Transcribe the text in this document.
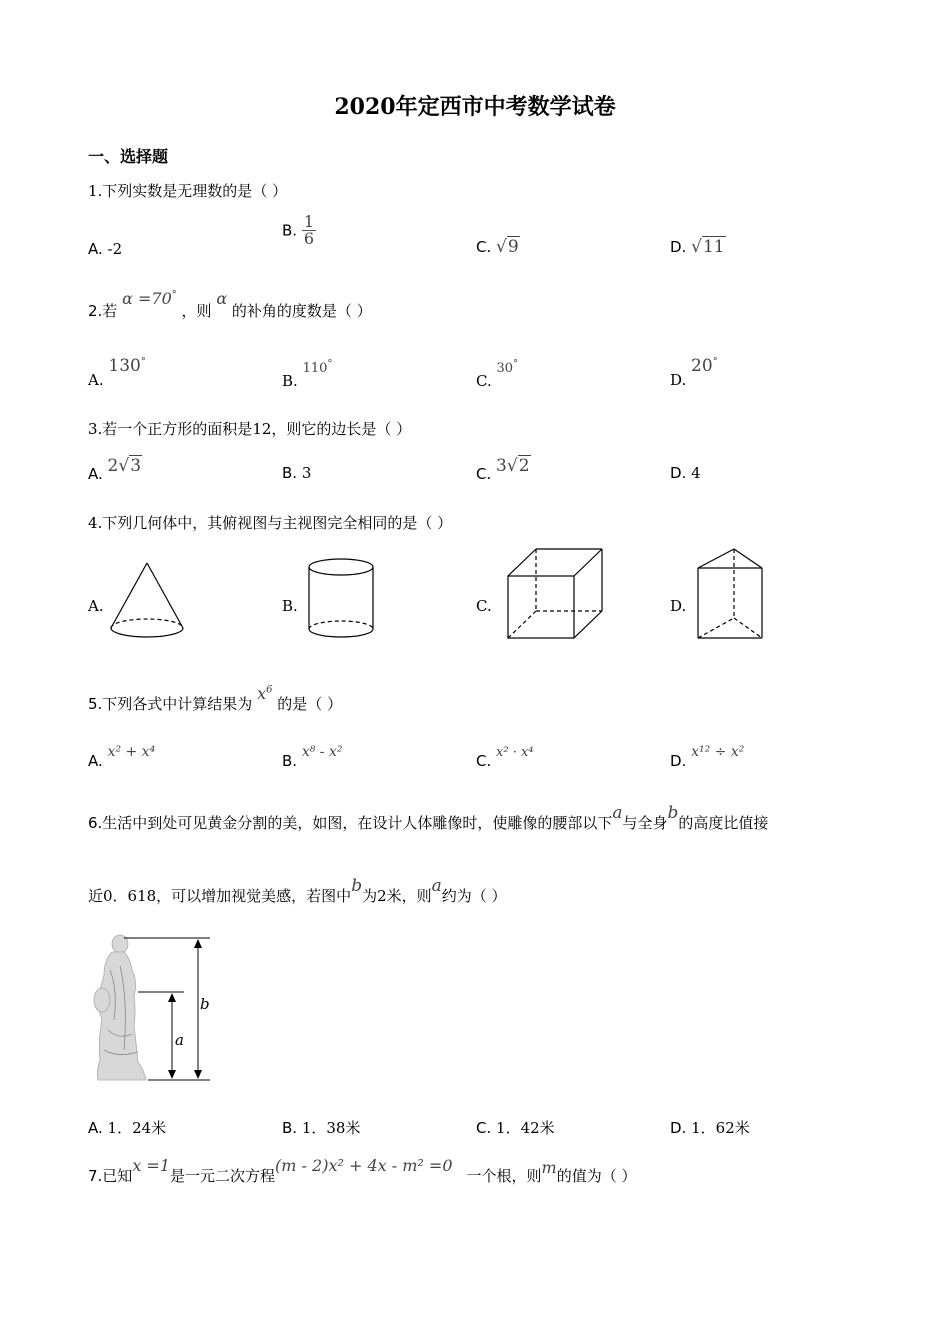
2020年定西市中考数学试卷
一、选择题
1.下列实数是无理数的是（ ）
A. -2
B. $\frac{1}{6}$	C. √9	D. √11
2.若 α =70° ，则 α 的补角的度数是（ ）
A. 130°
B. 110°
C. 30°
D. 20°
3.若一个正方形的面积是12，则它的边长是（ ）
A. 2√3	B. 3	C. 3√2	D. 4
4.下列几何体中，其俯视图与主视图完全相同的是（ ）
A.	B.	C.	D.
5.下列各式中计算结果为 $x^6$ 的是（ ）
A. x² + x⁴	B. x⁸ - x²	C. x² · x⁴	D. x¹² ÷ x²
6.生活中到处可见黄金分割的美，如图，在设计人体雕像时，使雕像的腰部以下a与全身b的高度比值接
近0．618，可以增加视觉美感，若图中b为2米，则a约为（ ）
b
a
A. 1．24米	B. 1．38米	C. 1．42米	D. 1．62米
7.已知x =1是一元二次方程(m - 2)x² + 4x - m² =0一个根，则m的值为（ ）
